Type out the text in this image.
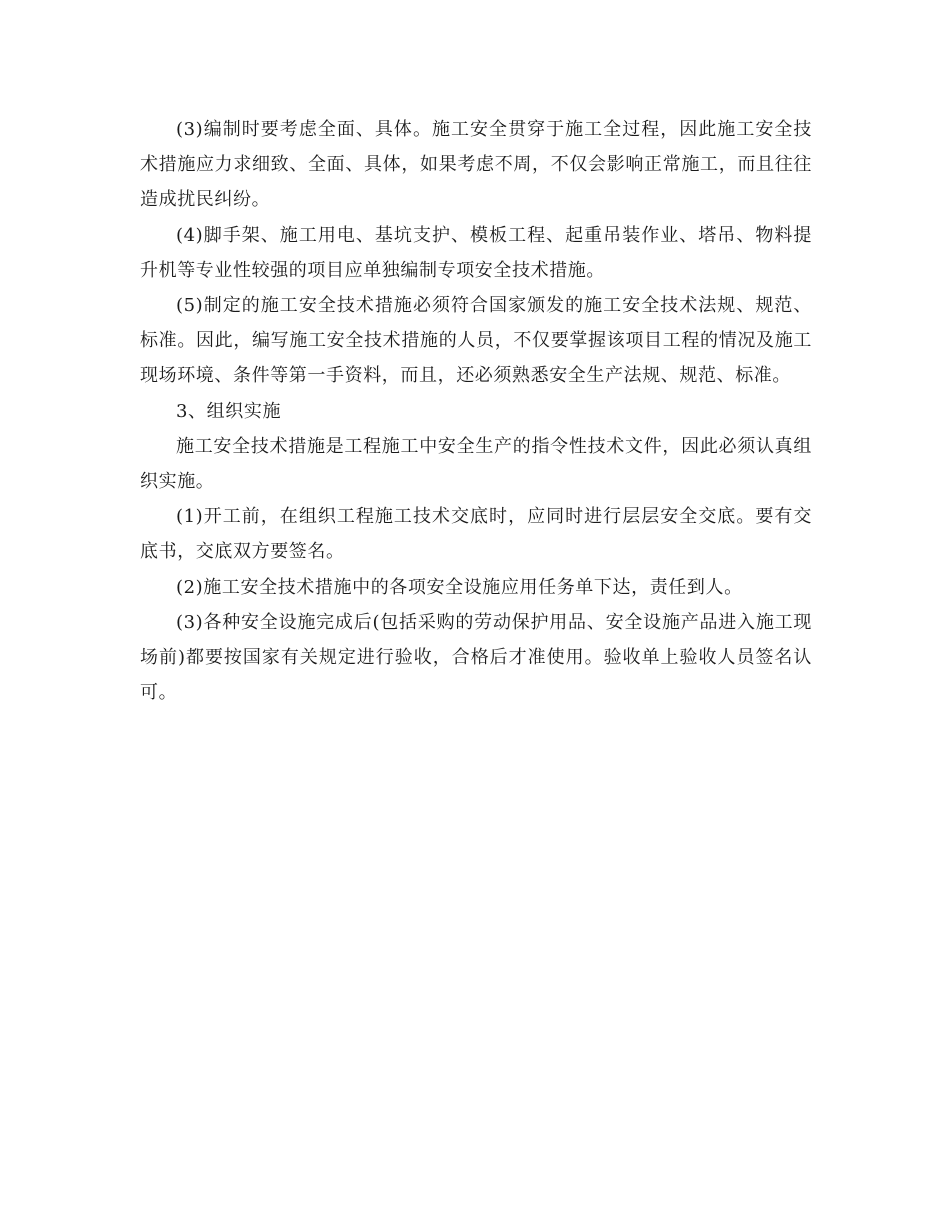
(3)编制时要考虑全面、具体。施工安全贯穿于施工全过程，因此施工安全技术措施应力求细致、全面、具体，如果考虑不周，不仅会影响正常施工，而且往往造成扰民纠纷。

(4)脚手架、施工用电、基坑支护、模板工程、起重吊装作业、塔吊、物料提升机等专业性较强的项目应单独编制专项安全技术措施。

(5)制定的施工安全技术措施必须符合国家颁发的施工安全技术法规、规范、标准。因此，编写施工安全技术措施的人员，不仅要掌握该项目工程的情况及施工现场环境、条件等第一手资料，而且，还必须熟悉安全生产法规、规范、标准。

3、组织实施

施工安全技术措施是工程施工中安全生产的指令性技术文件，因此必须认真组织实施。

(1)开工前，在组织工程施工技术交底时，应同时进行层层安全交底。要有交底书，交底双方要签名。

(2)施工安全技术措施中的各项安全设施应用任务单下达，责任到人。

(3)各种安全设施完成后(包括采购的劳动保护用品、安全设施产品进入施工现场前)都要按国家有关规定进行验收，合格后才准使用。验收单上验收人员签名认可。
